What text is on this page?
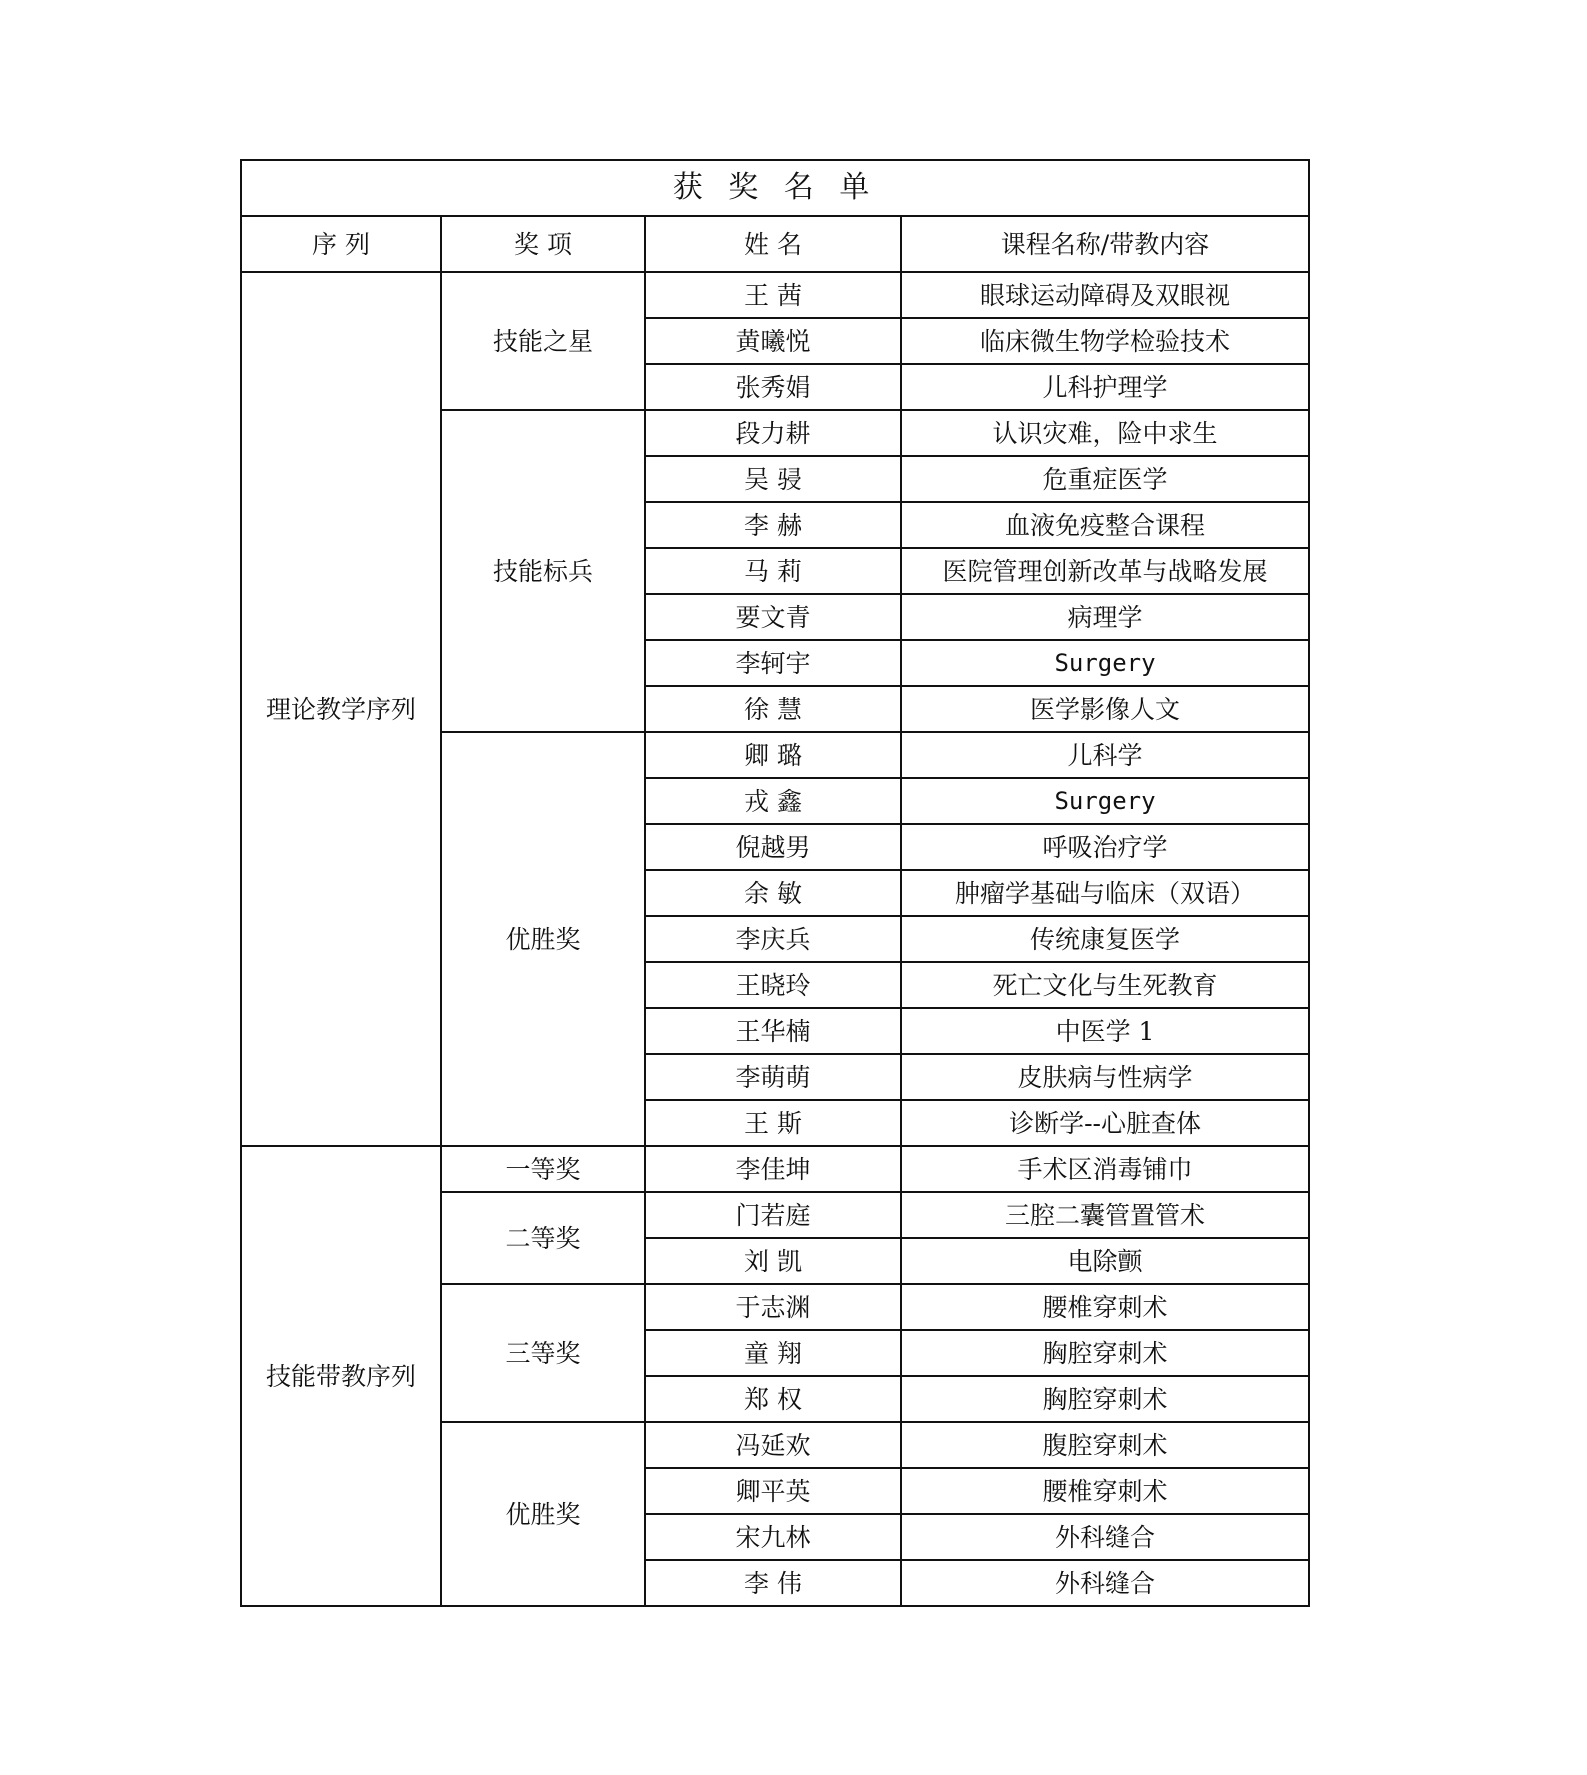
获 奖 名 单			
序 列	奖 项	姓 名	课程名称/带教内容
理论教学序列	技能之星	王 茜	眼球运动障碍及双眼视
		黄曦悦	临床微生物学检验技术
		张秀娟	儿科护理学
	技能标兵	段力耕	认识灾难，险中求生
		吴 骎	危重症医学
		李 赫	血液免疫整合课程
		马 莉	医院管理创新改革与战略发展
		要文青	病理学
		李轲宇	Surgery
		徐 慧	医学影像人文
	优胜奖	卿 璐	儿科学
		戎 鑫	Surgery
		倪越男	呼吸治疗学
		余 敏	肿瘤学基础与临床（双语）
		李庆兵	传统康复医学
		王晓玲	死亡文化与生死教育
		王华楠	中医学 1
		李萌萌	皮肤病与性病学
		王 斯	诊断学--心脏查体
技能带教序列	一等奖	李佳坤	手术区消毒铺巾
	二等奖	门若庭	三腔二囊管置管术
		刘 凯	电除颤
	三等奖	于志渊	腰椎穿刺术
		童 翔	胸腔穿刺术
		郑 权	胸腔穿刺术
	优胜奖	冯延欢	腹腔穿刺术
		卿平英	腰椎穿刺术
		宋九林	外科缝合
		李 伟	外科缝合
